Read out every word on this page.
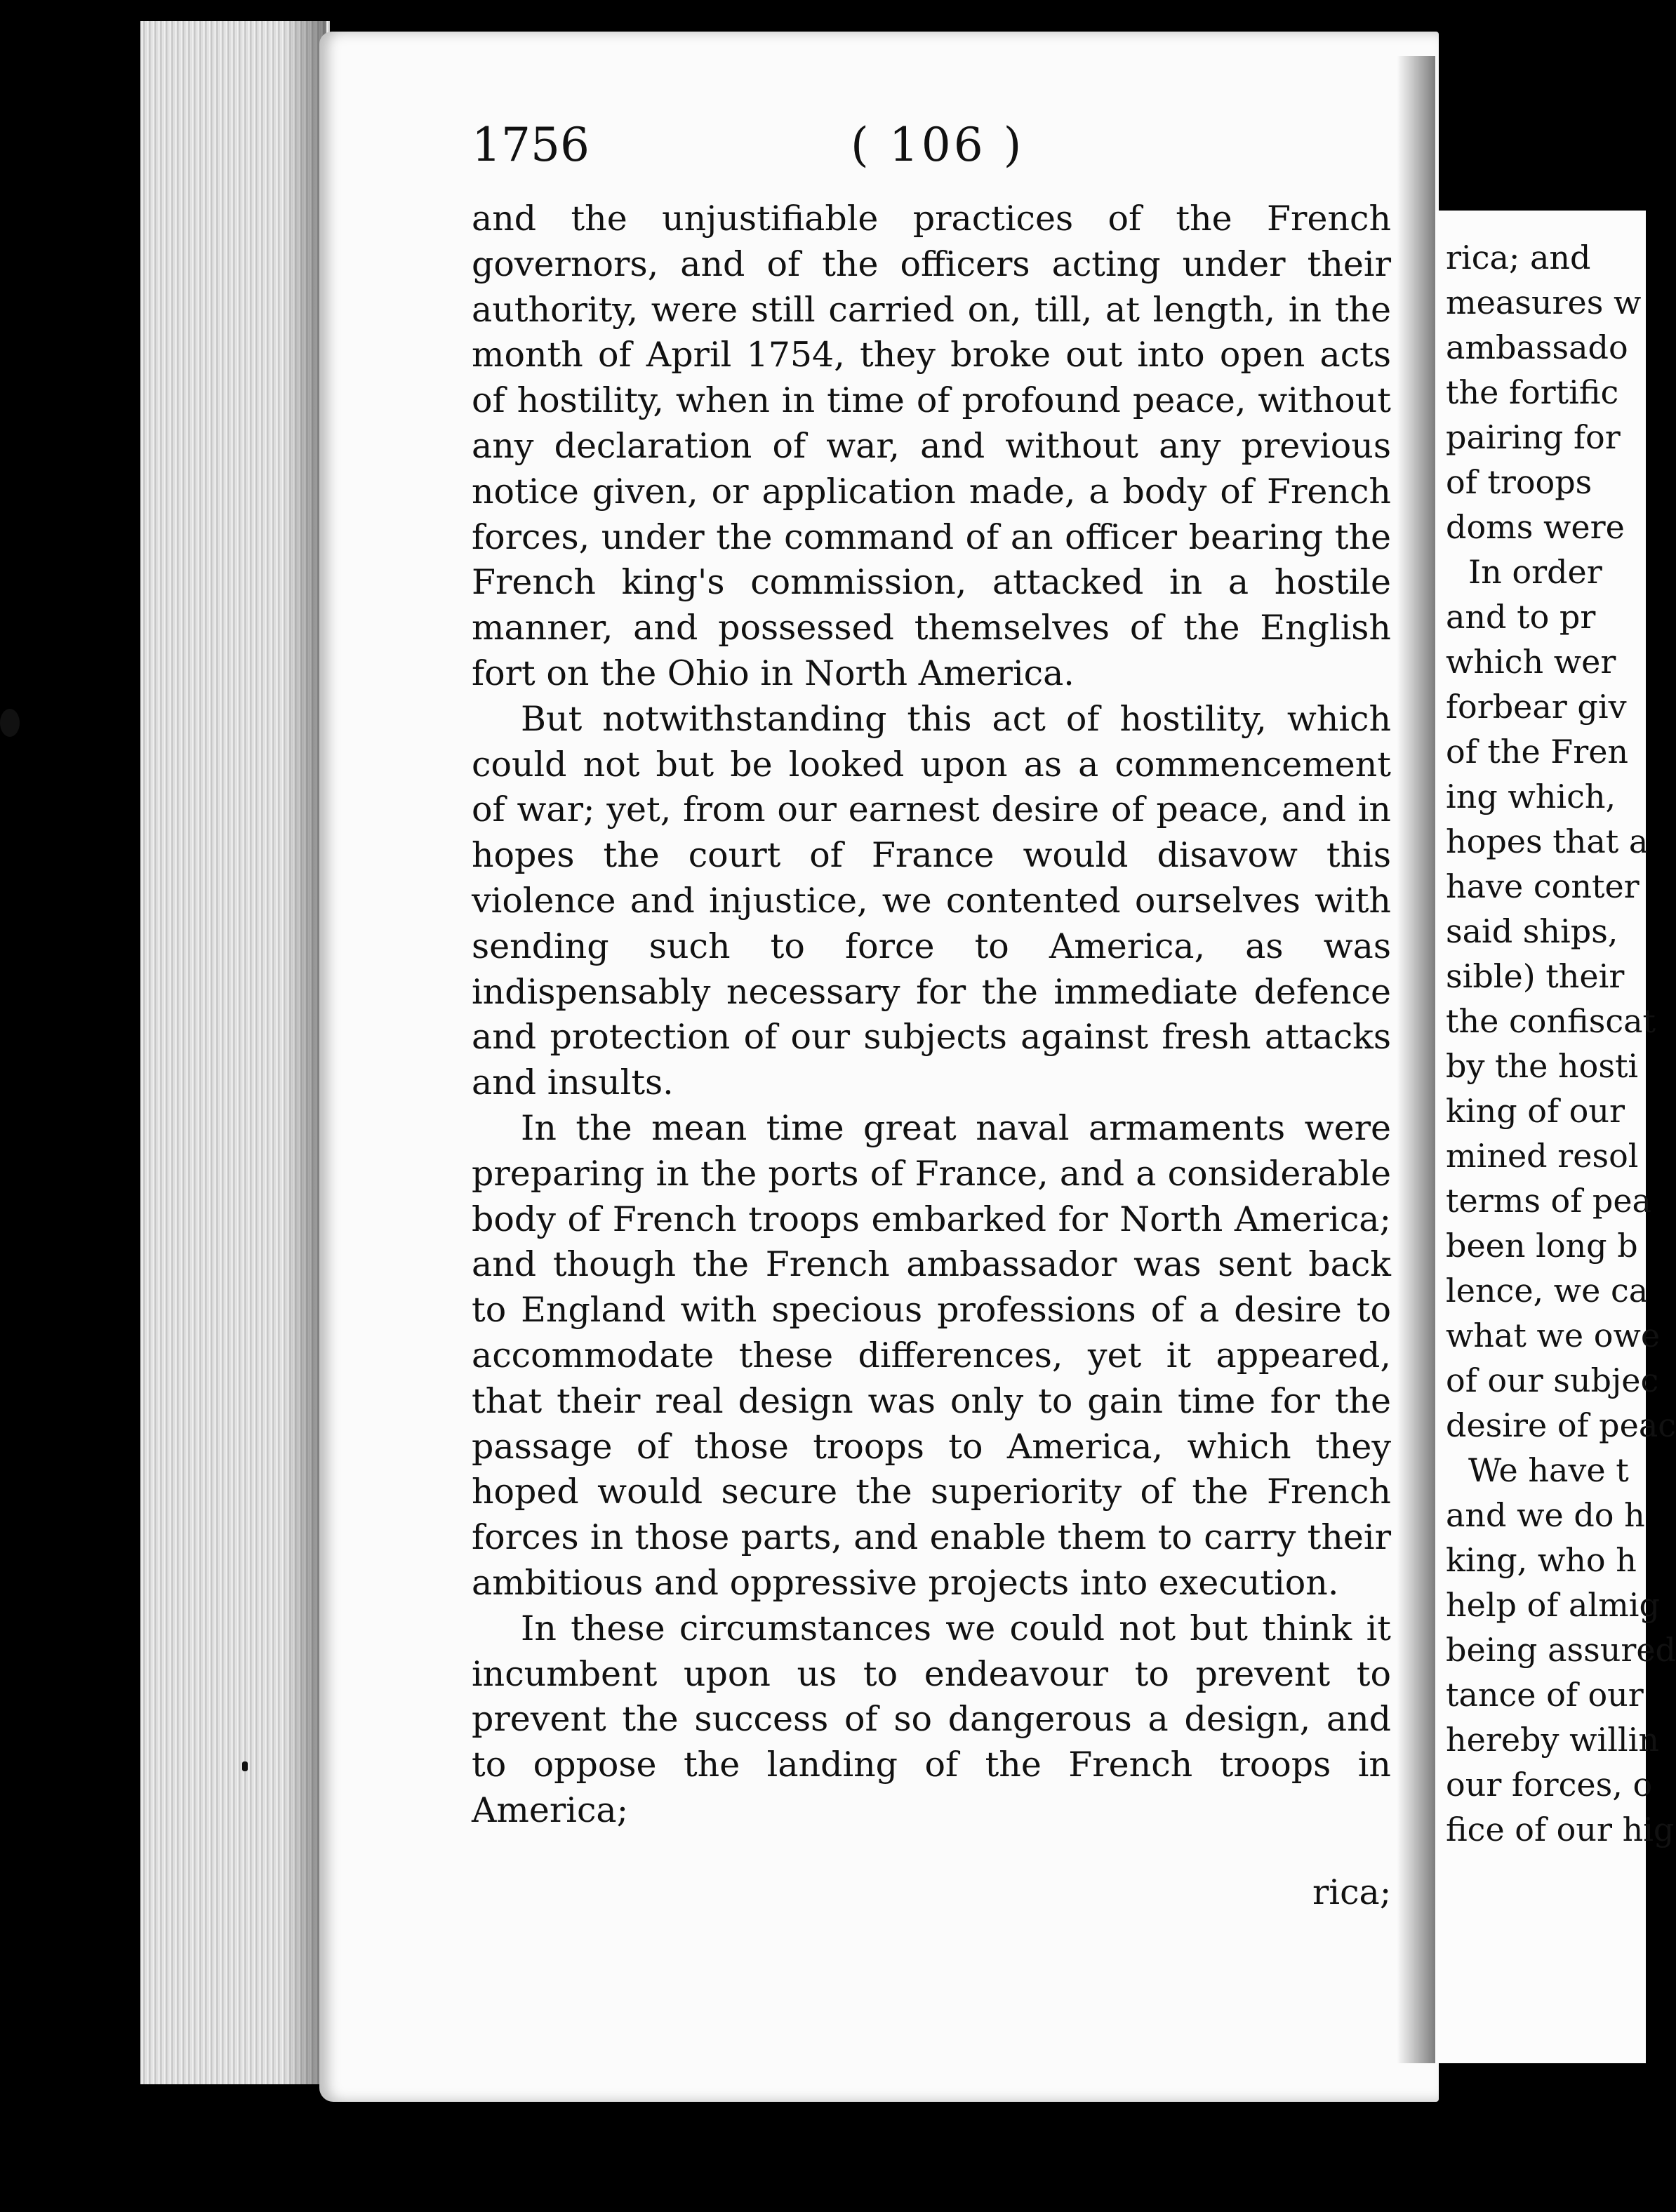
1756	( 106 )

and the unjustifiable practices of the French governors, and of the officers acting under their authority, were still carried on, till, at length, in the month of April 1754, they broke out into open acts of hostility, when in time of profound peace, without any declaration of war, and without any previous notice given, or application made, a body of French forces, under the command of an officer bearing the French king's commission, attacked in a hostile manner, and possessed themselves of the English fort on the Ohio in North America.

But notwithstanding this act of hostility, which could not but be looked upon as a commencement of war; yet, from our earnest desire of peace, and in hopes the court of France would disavow this violence and injustice, we contented ourselves with sending such to force to America, as was indispensably necessary for the immediate defence and protection of our subjects against fresh attacks and insults.

In the mean time great naval armaments were preparing in the ports of France, and a considerable body of French troops embarked for North America; and though the French ambassador was sent back to England with specious professions of a desire to accommodate these differences, yet it appeared, that their real design was only to gain time for the passage of those troops to America, which they hoped would secure the superiority of the French forces in those parts, and enable them to carry their ambitious and oppressive projects into execution.

In these circumstances we could not but think it incumbent upon us to endeavour to prevent to prevent the success of so dangerous a design, and to oppose the landing of the French troops in America;

rica;
rica; and
measures w
ambassado
the fortific
pairing for
of troops
doms were
In order
and to pr
which wer
forbear giv
of the Fren
ing which,
hopes that a
have conter
said ships,
sible) their
the confiscat
by the hosti
king of our
mined resol
terms of pea
been long b
lence, we ca
what we owe
of our subjec
desire of peac
We have t
and we do h
king, who h
help of almig
being assured
tance of our
hereby willin
our forces, o
fice of our hig
